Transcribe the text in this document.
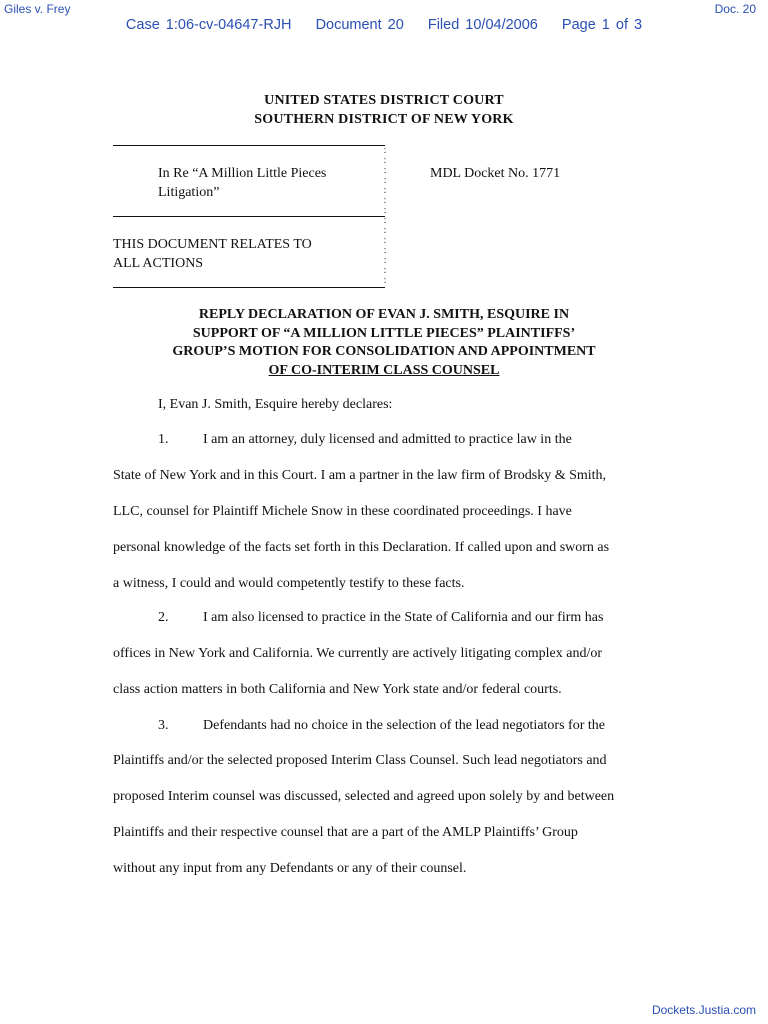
Giles v. Frey	Doc. 20
Case 1:06-cv-04647-RJH Document 20 Filed 10/04/2006 Page 1 of 3
UNITED STATES DISTRICT COURT
SOUTHERN DISTRICT OF NEW YORK
:
:
:
:
:
:
:
:
:
:
:
:
:
:
In Re “A Million Little Pieces
Litigation”
MDL Docket No. 1771
THIS DOCUMENT RELATES TO
ALL ACTIONS
REPLY DECLARATION OF EVAN J. SMITH, ESQUIRE IN
SUPPORT OF “A MILLION LITTLE PIECES” PLAINTIFFS’
GROUP’S MOTION FOR CONSOLIDATION AND APPOINTMENT
OF CO-INTERIM CLASS COUNSEL
I, Evan J. Smith, Esquire hereby declares:
1. I am an attorney, duly licensed and admitted to practice law in the
State of New York and in this Court. I am a partner in the law firm of Brodsky & Smith,
LLC, counsel for Plaintiff Michele Snow in these coordinated proceedings. I have
personal knowledge of the facts set forth in this Declaration. If called upon and sworn as
a witness, I could and would competently testify to these facts.
2. I am also licensed to practice in the State of California and our firm has
offices in New York and California. We currently are actively litigating complex and/or
class action matters in both California and New York state and/or federal courts.
3. Defendants had no choice in the selection of the lead negotiators for the
Plaintiffs and/or the selected proposed Interim Class Counsel. Such lead negotiators and
proposed Interim counsel was discussed, selected and agreed upon solely by and between
Plaintiffs and their respective counsel that are a part of the AMLP Plaintiffs’ Group
without any input from any Defendants or any of their counsel.
Dockets.Justia.com
